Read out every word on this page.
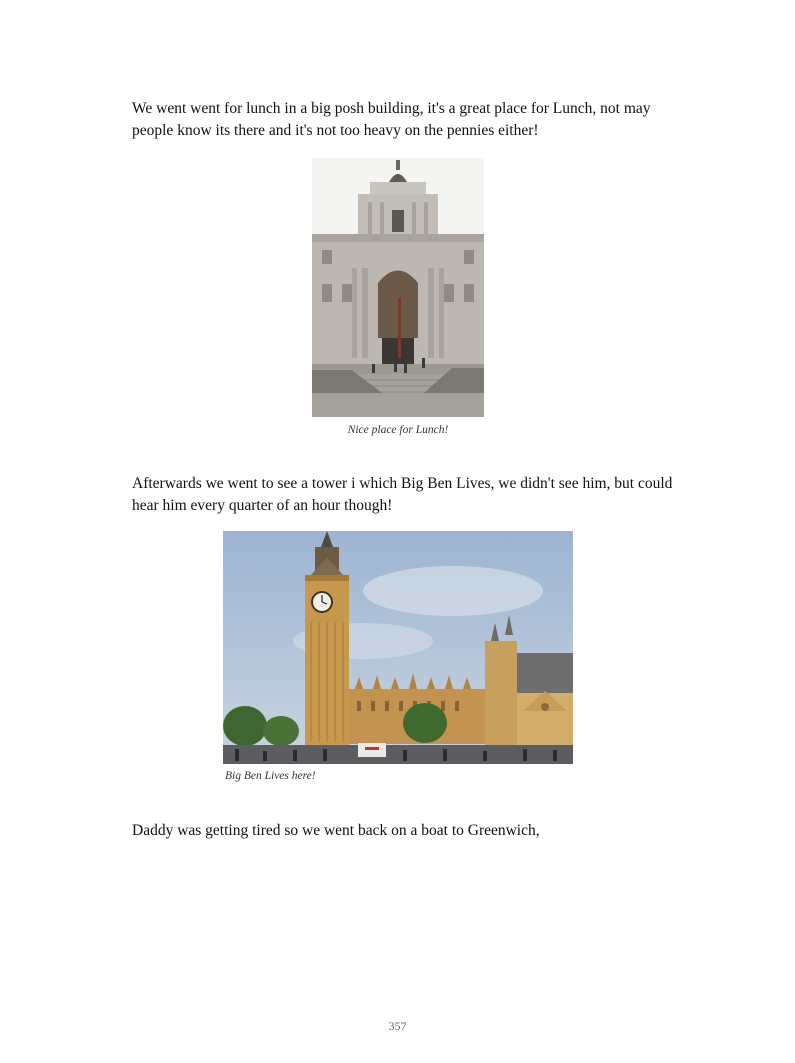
We went went for lunch in a big posh building, it's a great place for Lunch, not may people know its there and it's not too heavy on the pennies either!

Nice place for Lunch!

Afterwards we went to see a tower i which Big Ben Lives, we didn't see him, but could hear him every quarter of an hour though!

Big Ben Lives here!

Daddy was getting tired so we went back on a boat to Greenwich,

357
